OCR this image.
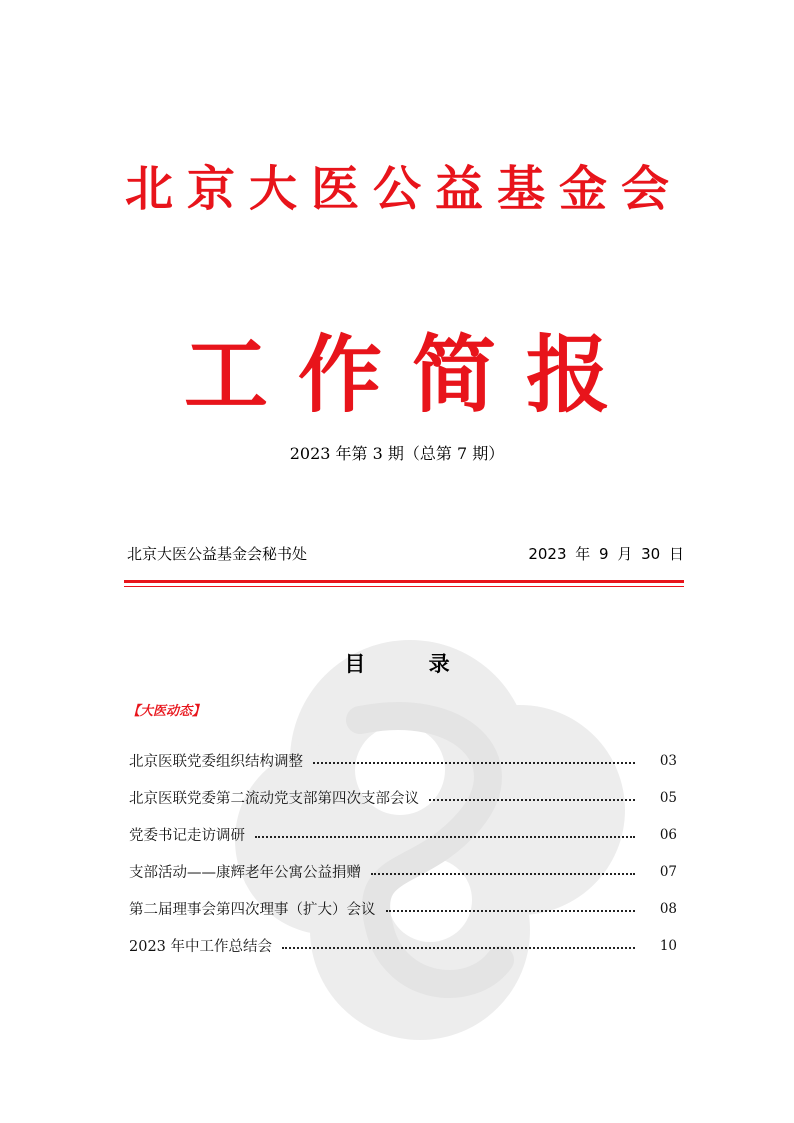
北京大医公益基金会
工作简报
2023 年第 3 期（总第 7 期）
北京大医公益基金会秘书处	2023 年 9 月 30 日
目 录
【大医动态】
北京医联党委组织结构调整	03
北京医联党委第二流动党支部第四次支部会议	05
党委书记走访调研	06
支部活动——康辉老年公寓公益捐赠	07
第二届理事会第四次理事（扩大）会议	08
2023 年中工作总结会	10
